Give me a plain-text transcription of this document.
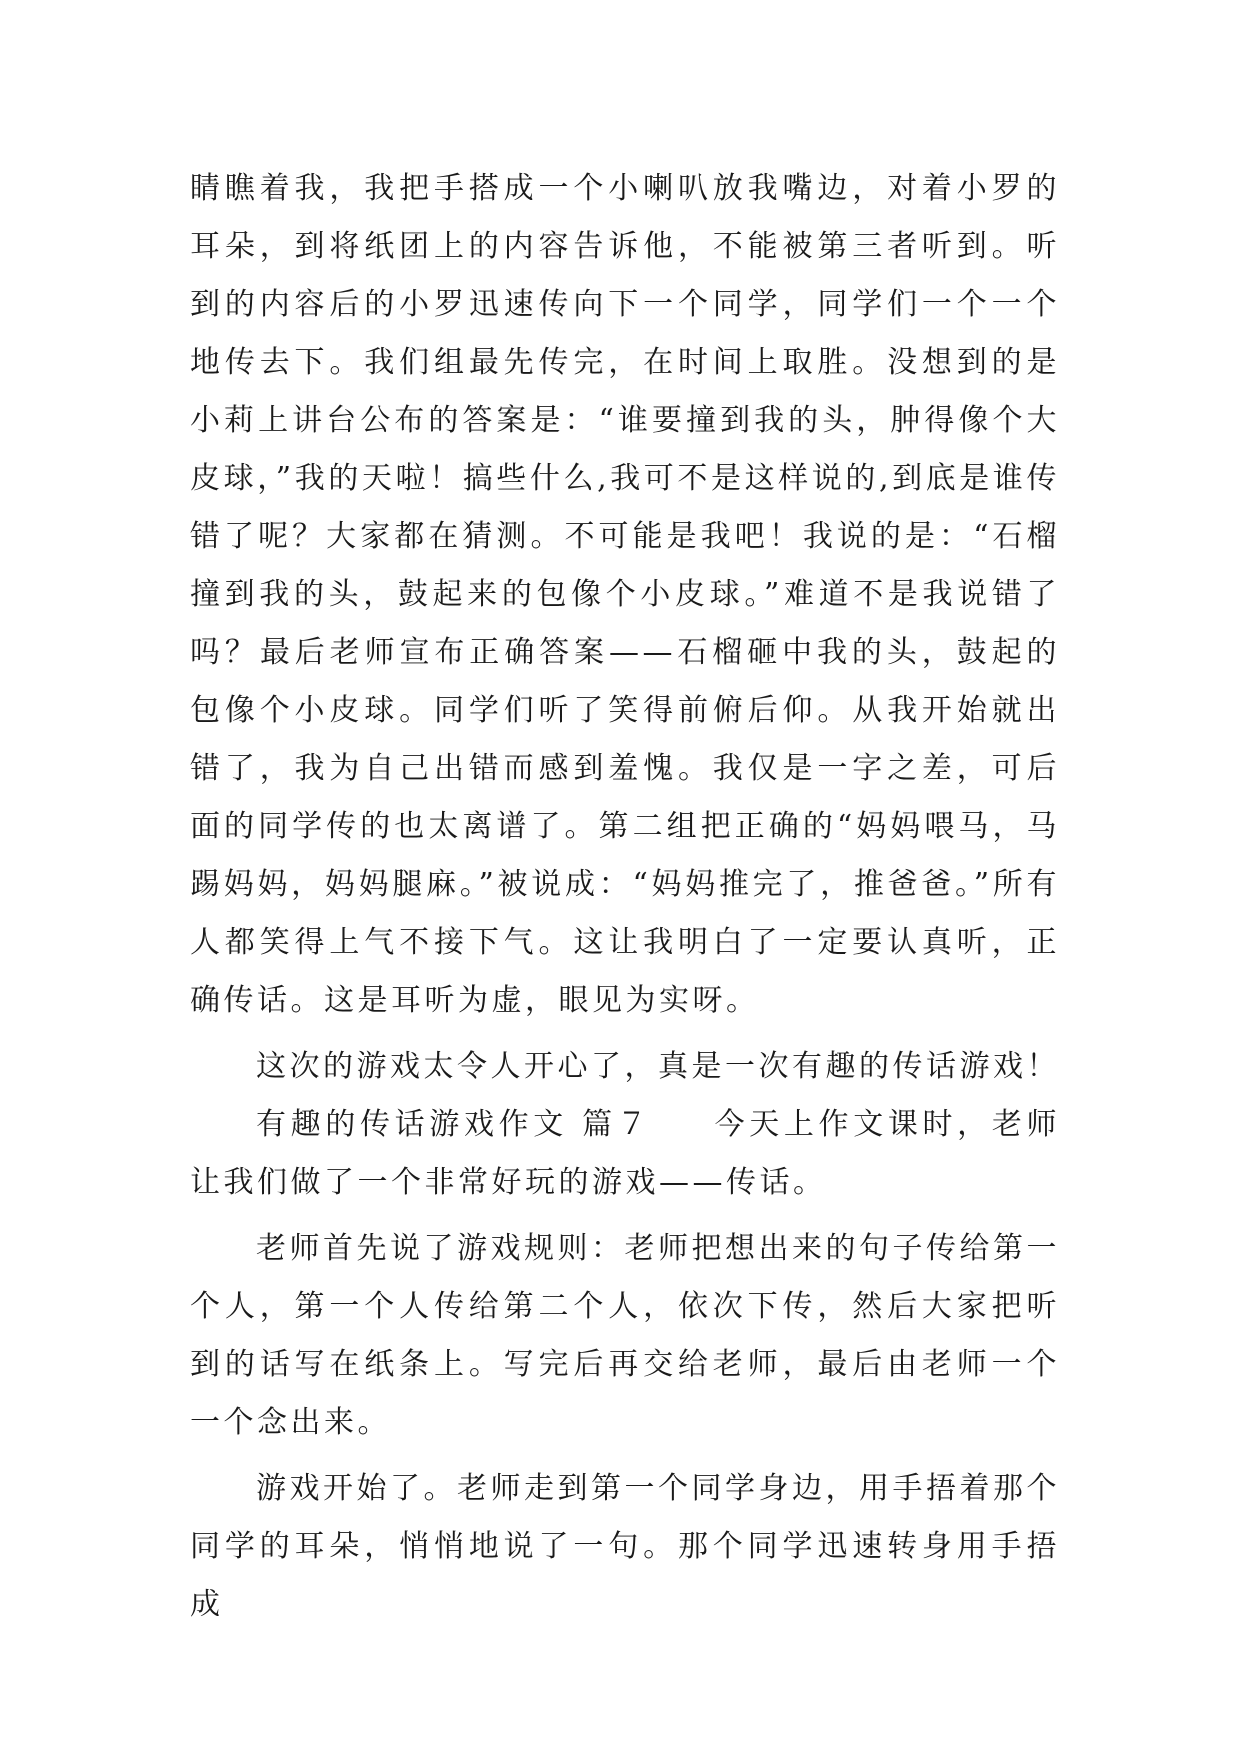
睛瞧着我，我把手搭成一个小喇叭放我嘴边，对着小罗的耳朵，到将纸团上的内容告诉他，不能被第三者听到。听到的内容后的小罗迅速传向下一个同学，同学们一个一个地传去下。我们组最先传完，在时间上取胜。没想到的是小莉上讲台公布的答案是：“谁要撞到我的头，肿得像个大皮球，”我的天啦！搞些什么,我可不是这样说的,到底是谁传错了呢？大家都在猜测。不可能是我吧！我说的是：“石榴撞到我的头，鼓起来的包像个小皮球。”难道不是我说错了吗？最后老师宣布正确答案——石榴砸中我的头，鼓起的包像个小皮球。同学们听了笑得前俯后仰。从我开始就出错了，我为自己出错而感到羞愧。我仅是一字之差，可后面的同学传的也太离谱了。第二组把正确的“妈妈喂马，马踢妈妈，妈妈腿麻。”被说成：“妈妈推完了，推爸爸。”所有人都笑得上气不接下气。这让我明白了一定要认真听，正确传话。这是耳听为虚，眼见为实呀。

这次的游戏太令人开心了，真是一次有趣的传话游戏！

有趣的传话游戏作文 篇７ 今天上作文课时，老师让我们做了一个非常好玩的游戏——传话。

老师首先说了游戏规则：老师把想出来的句子传给第一个人，第一个人传给第二个人，依次下传，然后大家把听到的话写在纸条上。写完后再交给老师，最后由老师一个一个念出来。

游戏开始了。老师走到第一个同学身边，用手捂着那个同学的耳朵，悄悄地说了一句。那个同学迅速转身用手捂成
